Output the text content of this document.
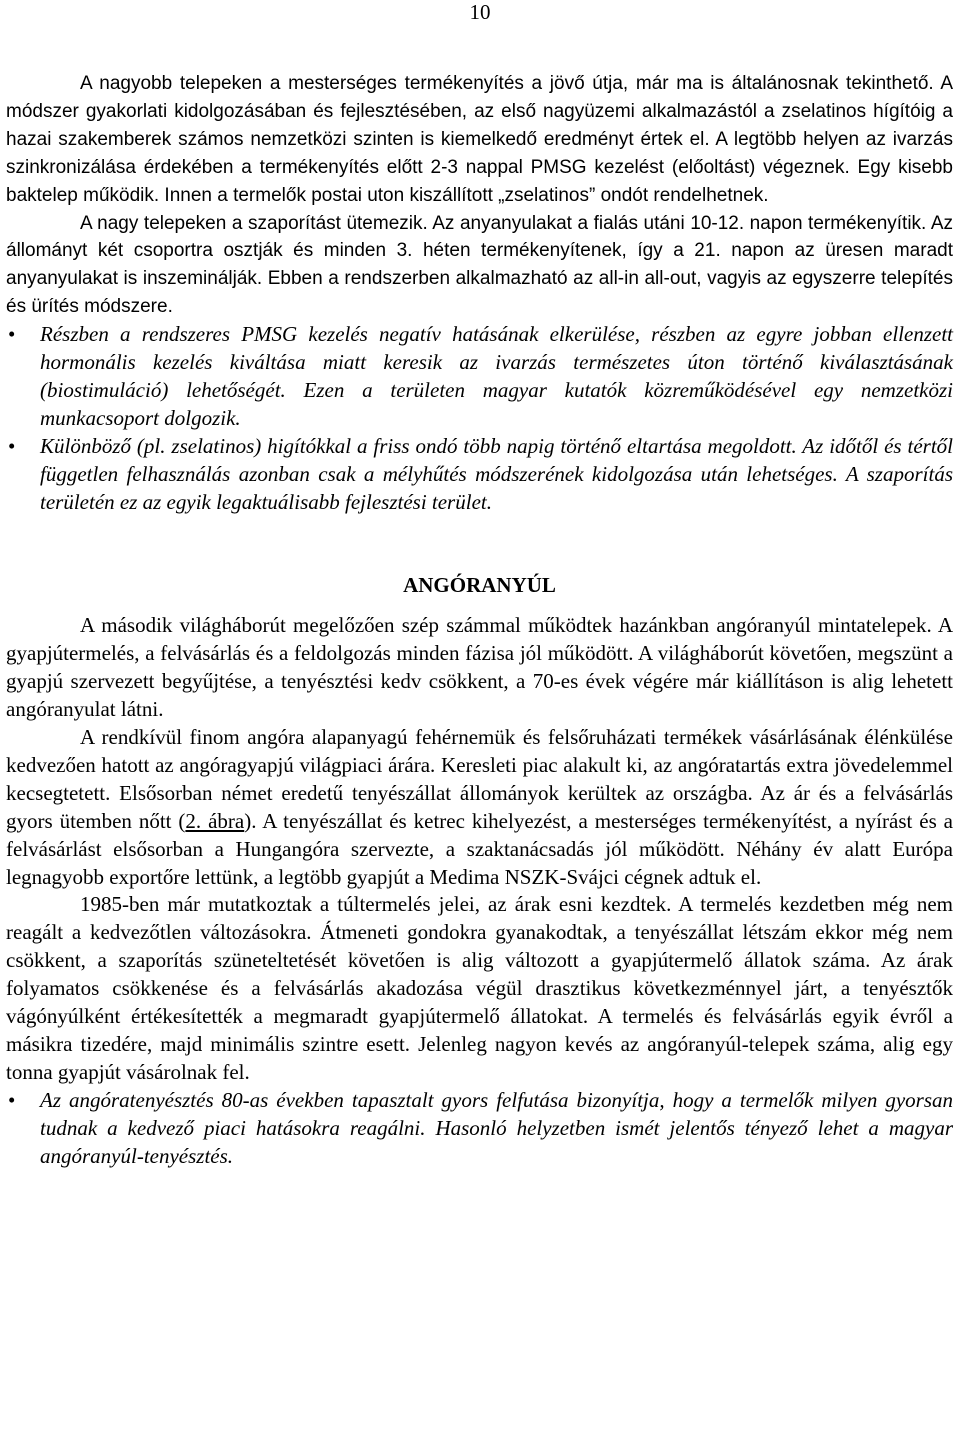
10

A nagyobb telepeken a mesterséges termékenyítés a jövő útja, már ma is általánosnak tekinthető. A módszer gyakorlati kidolgozásában és fejlesztésében, az első nagyüzemi alkalmazástól a zselatinos hígítóig a hazai szakemberek számos nemzetközi szinten is kiemelkedő eredményt értek el. A legtöbb helyen az ivarzás szinkronizálása érdekében a termékenyítés előtt 2-3 nappal PMSG kezelést (előoltást) végeznek. Egy kisebb baktelep működik. Innen a termelők postai uton kiszállított „zselatinos” ondót rendelhetnek.

A nagy telepeken a szaporítást ütemezik. Az anyanyulakat a fialás utáni 10-12. napon termékenyítik. Az állományt két csoportra osztják és minden 3. héten termékenyítenek, így a 21. napon az üresen maradt anyanyulakat is inszeminálják. Ebben a rendszerben alkalmazható az all-in all-out, vagyis az egyszerre telepítés és ürítés módszere.

• Részben a rendszeres PMSG kezelés negatív hatásának elkerülése, részben az egyre jobban ellenzett hormonális kezelés kiváltása miatt keresik az ivarzás természetes úton történő kiválasztásának (biostimuláció) lehetőségét. Ezen a területen magyar kutatók közreműködésével egy nemzetközi munkacsoport dolgozik.
• Különböző (pl. zselatinos) higítókkal a friss ondó több napig történő eltartása megoldott. Az időtől és tértől független felhasználás azonban csak a mélyhűtés módszerének kidolgozása után lehetséges. A szaporítás területén ez az egyik legaktuálisabb fejlesztési terület.
ANGÓRANYÚL

A második világháborút megelőzően szép számmal működtek hazánkban angóranyúl mintatelepek. A gyapjútermelés, a felvásárlás és a feldolgozás minden fázisa jól működött. A világháborút követően, megszünt a gyapjú szervezett begyűjtése, a tenyésztési kedv csökkent, a 70-es évek végére már kiállításon is alig lehetett angóranyulat látni.

A rendkívül finom angóra alapanyagú fehérnemük és felsőruházati termékek vásárlásának élénkülése kedvezően hatott az angóragyapjú világpiaci árára. Keresleti piac alakult ki, az angóratartás extra jövedelemmel kecsegtetett. Elsősorban német eredetű tenyészállat állományok kerültek az országba. Az ár és a felvásárlás gyors ütemben nőtt (2. ábra). A tenyészállat és ketrec kihelyezést, a mesterséges termékenyítést, a nyírást és a felvásárlást elsősorban a Hungangóra szervezte, a szaktanácsadás jól működött. Néhány év alatt Európa legnagyobb exportőre lettünk, a legtöbb gyapjút a Medima NSZK-Svájci cégnek adtuk el.

1985-ben már mutatkoztak a túltermelés jelei, az árak esni kezdtek. A termelés kezdetben még nem reagált a kedvezőtlen változásokra. Átmeneti gondokra gyanakodtak, a tenyészállat létszám ekkor még nem csökkent, a szaporítás szüneteltetését követően is alig változott a gyapjútermelő állatok száma. Az árak folyamatos csökkenése és a felvásárlás akadozása végül drasztikus következménnyel járt, a tenyésztők vágónyúlként értékesítették a megmaradt gyapjútermelő állatokat. A termelés és felvásárlás egyik évről a másikra tizedére, majd minimális szintre esett. Jelenleg nagyon kevés az angóranyúl-telepek száma, alig egy tonna gyapjút vásárolnak fel.

• Az angóratenyésztés 80-as években tapasztalt gyors felfutása bizonyítja, hogy a termelők milyen gyorsan tudnak a kedvező piaci hatásokra reagálni. Hasonló helyzetben ismét jelentős tényező lehet a magyar angóranyúl-tenyésztés.
